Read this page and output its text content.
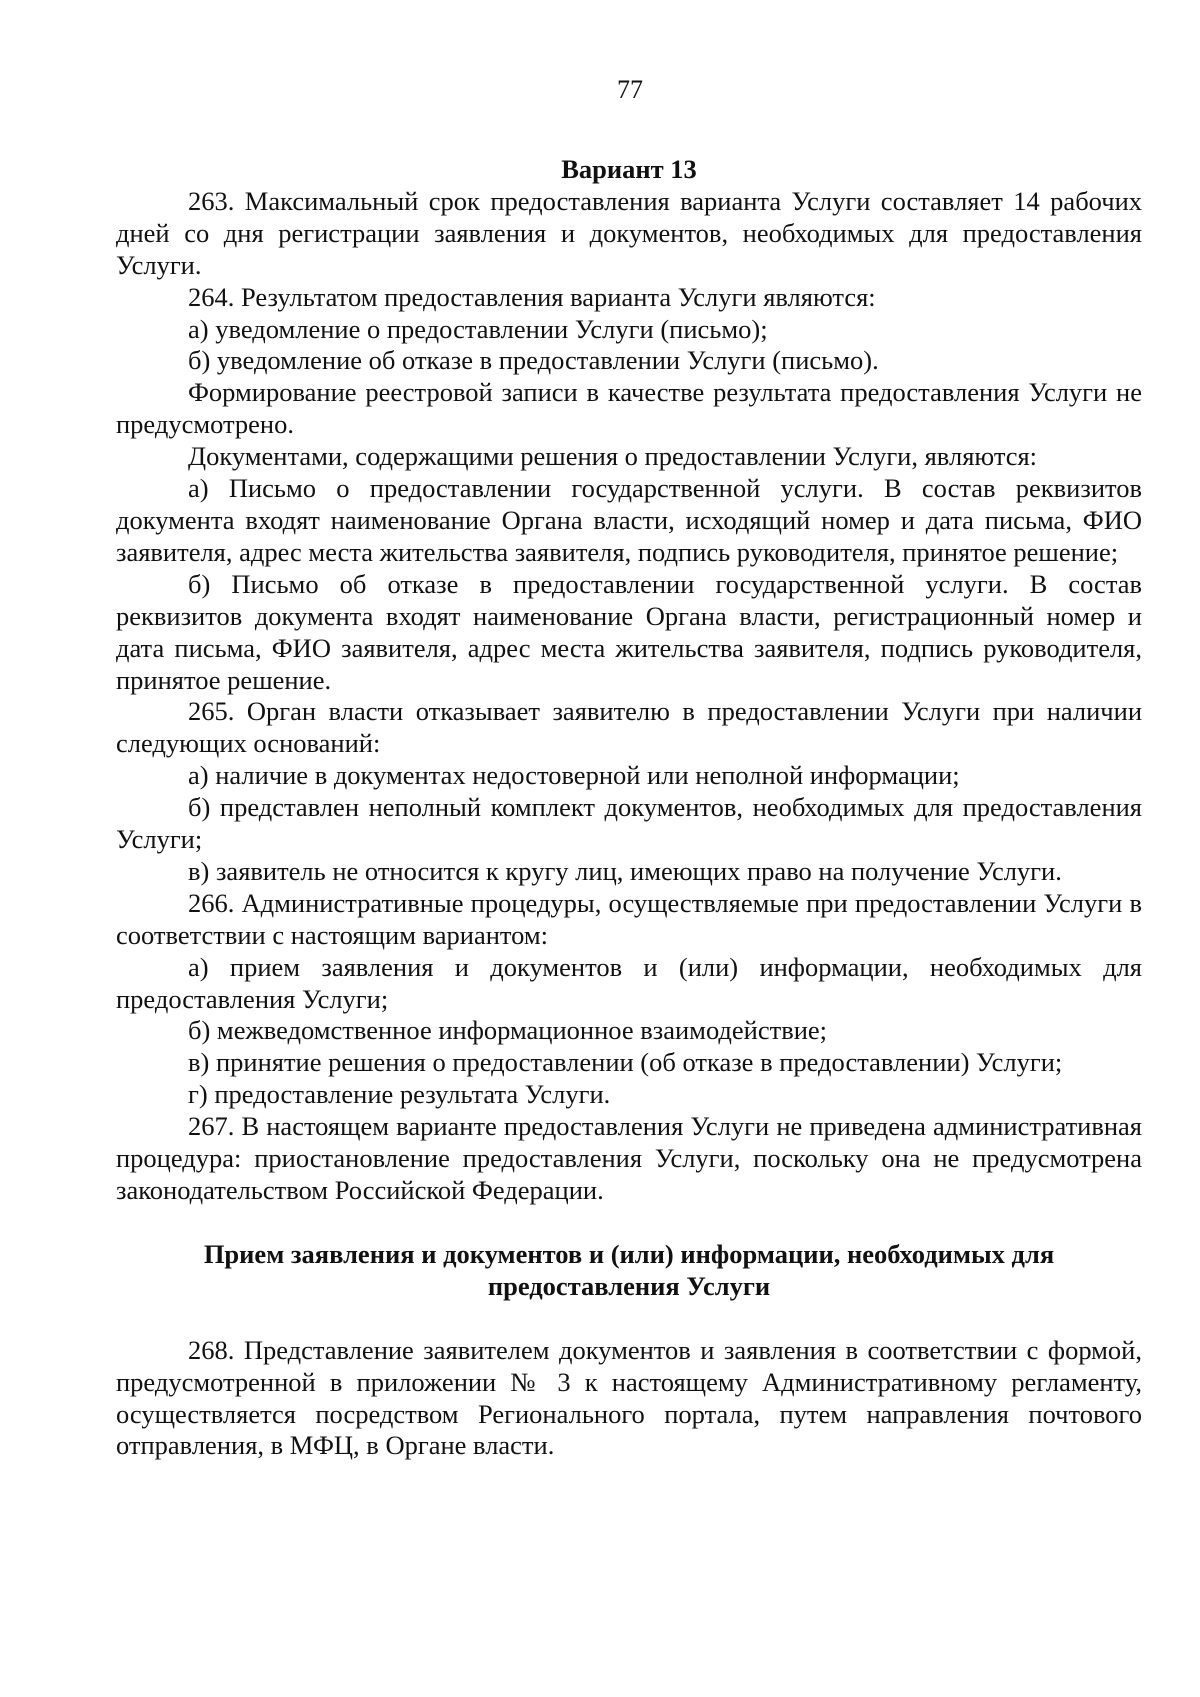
77

Вариант 13

263. Максимальный срок предоставления варианта Услуги составляет 14 рабочих дней со дня регистрации заявления и документов, необходимых для предоставления Услуги.

264. Результатом предоставления варианта Услуги являются:

а) уведомление о предоставлении Услуги (письмо);

б) уведомление об отказе в предоставлении Услуги (письмо).

Формирование реестровой записи в качестве результата предоставления Услуги не предусмотрено.

Документами, содержащими решения о предоставлении Услуги, являются:

а) Письмо о предоставлении государственной услуги. В состав реквизитов документа входят наименование Органа власти, исходящий номер и дата письма, ФИО заявителя, адрес места жительства заявителя, подпись руководителя, принятое решение;

б) Письмо об отказе в предоставлении государственной услуги. В состав реквизитов документа входят наименование Органа власти, регистрационный номер и дата письма, ФИО заявителя, адрес места жительства заявителя, подпись руководителя, принятое решение.

265. Орган власти отказывает заявителю в предоставлении Услуги при наличии следующих оснований:

а) наличие в документах недостоверной или неполной информации;

б) представлен неполный комплект документов, необходимых для предоставления Услуги;

в) заявитель не относится к кругу лиц, имеющих право на получение Услуги.

266. Административные процедуры, осуществляемые при предоставлении Услуги в соответствии с настоящим вариантом:

а) прием заявления и документов и (или) информации, необходимых для предоставления Услуги;

б) межведомственное информационное взаимодействие;

в) принятие решения о предоставлении (об отказе в предоставлении) Услуги;

г) предоставление результата Услуги.

267. В настоящем варианте предоставления Услуги не приведена административная процедура: приостановление предоставления Услуги, поскольку она не предусмотрена законодательством Российской Федерации.

Прием заявления и документов и (или) информации, необходимых для предоставления Услуги

268. Представление заявителем документов и заявления в соответствии с формой, предусмотренной в приложении № 3 к настоящему Административному регламенту, осуществляется посредством Регионального портала, путем направления почтового отправления, в МФЦ, в Органе власти.
